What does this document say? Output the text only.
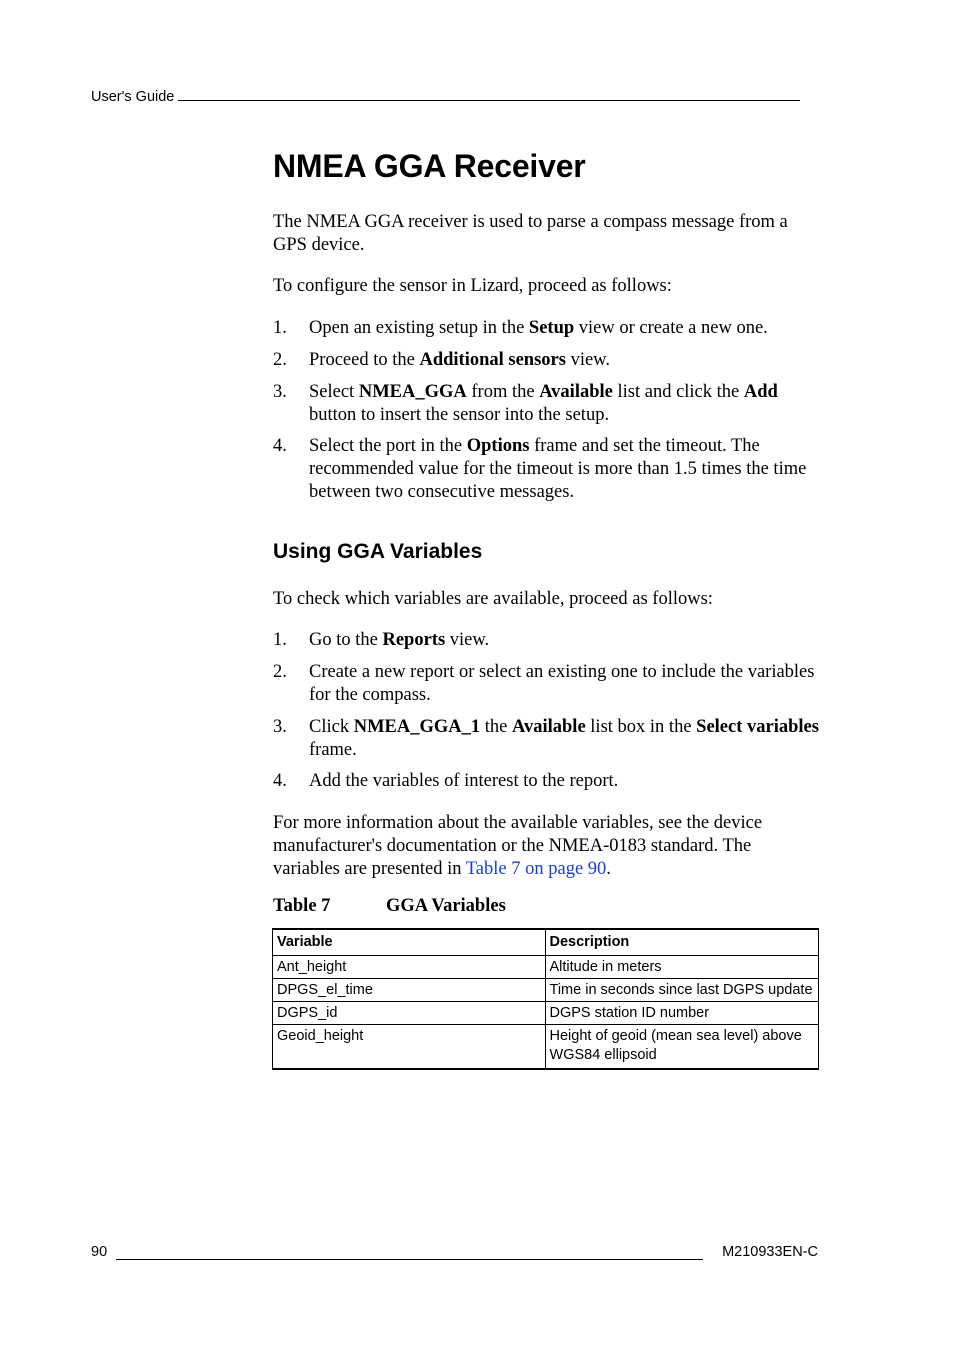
User's Guide
NMEA GGA Receiver

The NMEA GGA receiver is used to parse a compass message from a GPS device.

To configure the sensor in Lizard, proceed as follows:

1. Open an existing setup in the Setup view or create a new one.
2. Proceed to the Additional sensors view.
3. Select NMEA_GGA from the Available list and click the Add button to insert the sensor into the setup.
4. Select the port in the Options frame and set the timeout. The recommended value for the timeout is more than 1.5 times the time between two consecutive messages.
Using GGA Variables

To check which variables are available, proceed as follows:

1. Go to the Reports view.
2. Create a new report or select an existing one to include the variables for the compass.
3. Click NMEA_GGA_1 the Available list box in the Select variables frame.
4. Add the variables of interest to the report.

For more information about the available variables, see the device manufacturer's documentation or the NMEA-0183 standard. The variables are presented in Table 7 on page 90.

Table 7	GGA Variables
Variable	Description
Ant_height	Altitude in meters
DPGS_el_time	Time in seconds since last DGPS update
DGPS_id	DGPS station ID number
Geoid_height	Height of geoid (mean sea level) above WGS84 ellipsoid
90	M210933EN-C
